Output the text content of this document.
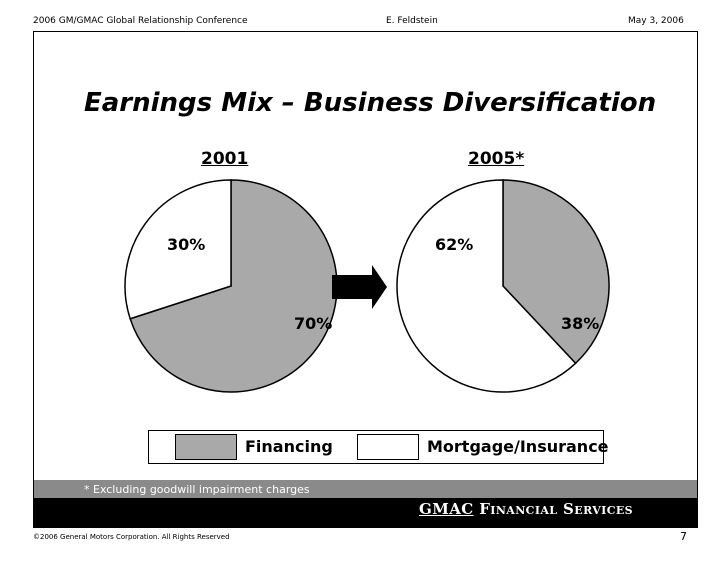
2006 GM/GMAC Global Relationship Conference	E. Feldstein	May 3, 2006
Earnings Mix – Business Diversification
2001	2005*
70%
30%
38%
62%
Financing	Mortgage/Insurance
* Excluding goodwill impairment charges
GMAC Financial Services
©2006 General Motors Corporation. All Rights Reserved	7
